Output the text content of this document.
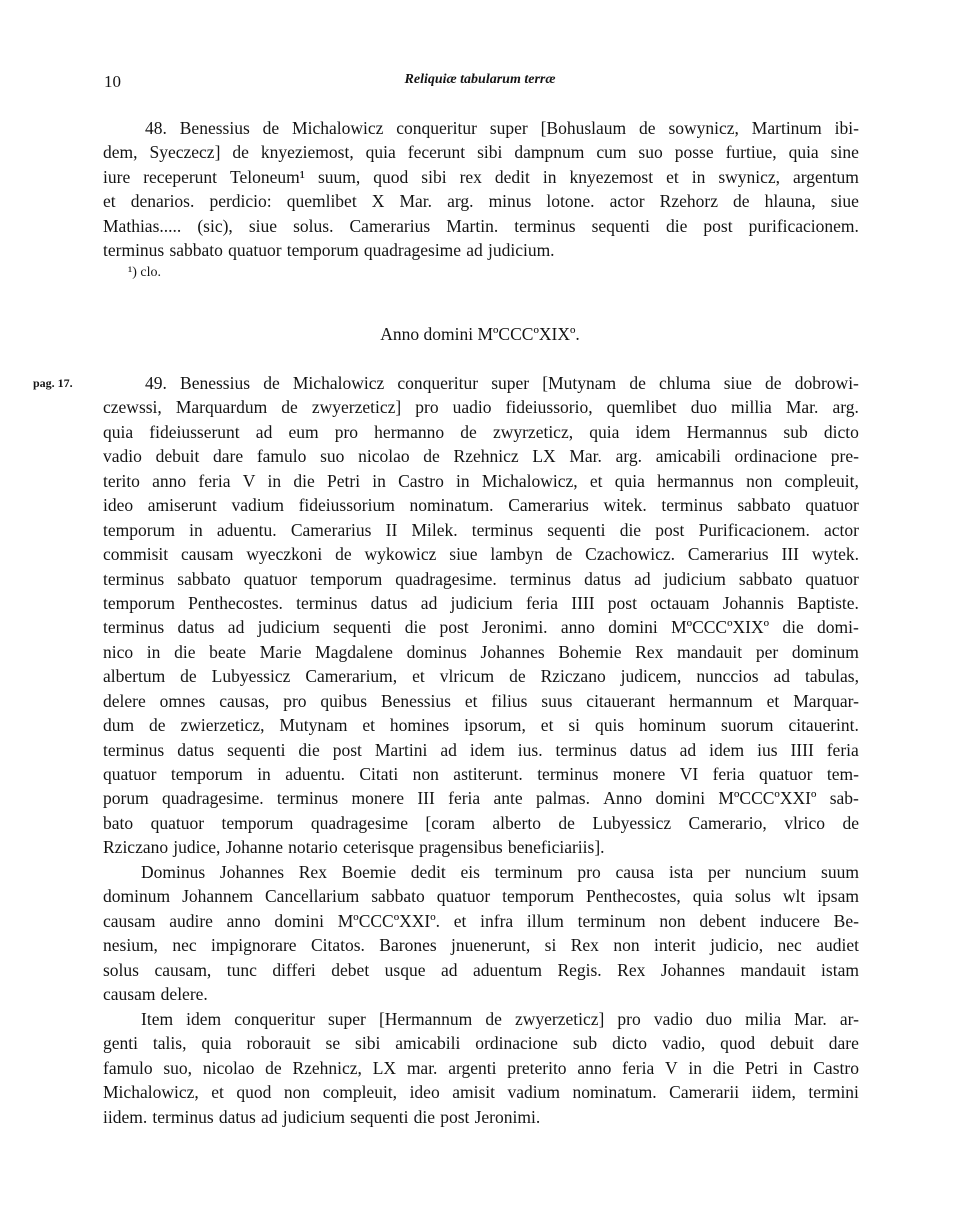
10	Reliquiæ tabularum terræ
48. Benessius de Michalowicz conqueritur super [Bohuslaum de sowynicz, Martinum ibi-
dem, Syeczecz] de knyeziemost, quia fecerunt sibi dampnum cum suo posse furtiue, quia sine
iure receperunt Teloneum¹ suum, quod sibi rex dedit in knyezemost et in swynicz, argentum
et denarios. perdicio: quemlibet X Mar. arg. minus lotone. actor Rzehorz de hlauna, siue
Mathias..... (sic), siue solus. Camerarius Martin. terminus sequenti die post purificacionem.
terminus sabbato quatuor temporum quadragesime ad judicium.
¹) clo.
Anno domini MºCCCºXIXº.
pag. 17.	49. Benessius de Michalowicz conqueritur super [Mutynam de chluma siue de dobrowi-
czewssi, Marquardum de zwyerzeticz] pro uadio fideiussorio, quemlibet duo millia Mar. arg.
quia fideiusserunt ad eum pro hermanno de zwyrzeticz, quia idem Hermannus sub dicto
vadio debuit dare famulo suo nicolao de Rzehnicz LX Mar. arg. amicabili ordinacione pre-
terito anno feria V in die Petri in Castro in Michalowicz, et quia hermannus non compleuit,
ideo amiserunt vadium fideiussorium nominatum. Camerarius witek. terminus sabbato quatuor
temporum in aduentu. Camerarius II Milek. terminus sequenti die post Purificacionem. actor
commisit causam wyeczkoni de wykowicz siue lambyn de Czachowicz. Camerarius III wytek.
terminus sabbato quatuor temporum quadragesime. terminus datus ad judicium sabbato quatuor
temporum Penthecostes. terminus datus ad judicium feria IIII post octauam Johannis Baptiste.
terminus datus ad judicium sequenti die post Jeronimi. anno domini MºCCCºXIXº die domi-
nico in die beate Marie Magdalene dominus Johannes Bohemie Rex mandauit per dominum
albertum de Lubyessicz Camerarium, et vlricum de Rziczano judicem, nunccios ad tabulas,
delere omnes causas, pro quibus Benessius et filius suus citauerant hermannum et Marquar-
dum de zwierzeticz, Mutynam et homines ipsorum, et si quis hominum suorum citauerint.
terminus datus sequenti die post Martini ad idem ius. terminus datus ad idem ius IIII feria
quatuor temporum in aduentu. Citati non astiterunt. terminus monere VI feria quatuor tem-
porum quadragesime. terminus monere III feria ante palmas. Anno domini MºCCCºXXIº sab-
bato quatuor temporum quadragesime [coram alberto de Lubyessicz Camerario, vlrico de
Rziczano judice, Johanne notario ceterisque pragensibus beneficiariis].
Dominus Johannes Rex Boemie dedit eis terminum pro causa ista per nuncium suum
dominum Johannem Cancellarium sabbato quatuor temporum Penthecostes, quia solus wlt ipsam
causam audire anno domini MºCCCºXXIº. et infra illum terminum non debent inducere Be-
nesium, nec impignorare Citatos. Barones jnuenerunt, si Rex non interit judicio, nec audiet
solus causam, tunc differi debet usque ad aduentum Regis. Rex Johannes mandauit istam
causam delere.
Item idem conqueritur super [Hermannum de zwyerzeticz] pro vadio duo milia Mar. ar-
genti talis, quia roborauit se sibi amicabili ordinacione sub dicto vadio, quod debuit dare
famulo suo, nicolao de Rzehnicz, LX mar. argenti preterito anno feria V in die Petri in Castro
Michalowicz, et quod non compleuit, ideo amisit vadium nominatum. Camerarii iidem, termini
iidem. terminus datus ad judicium sequenti die post Jeronimi.
